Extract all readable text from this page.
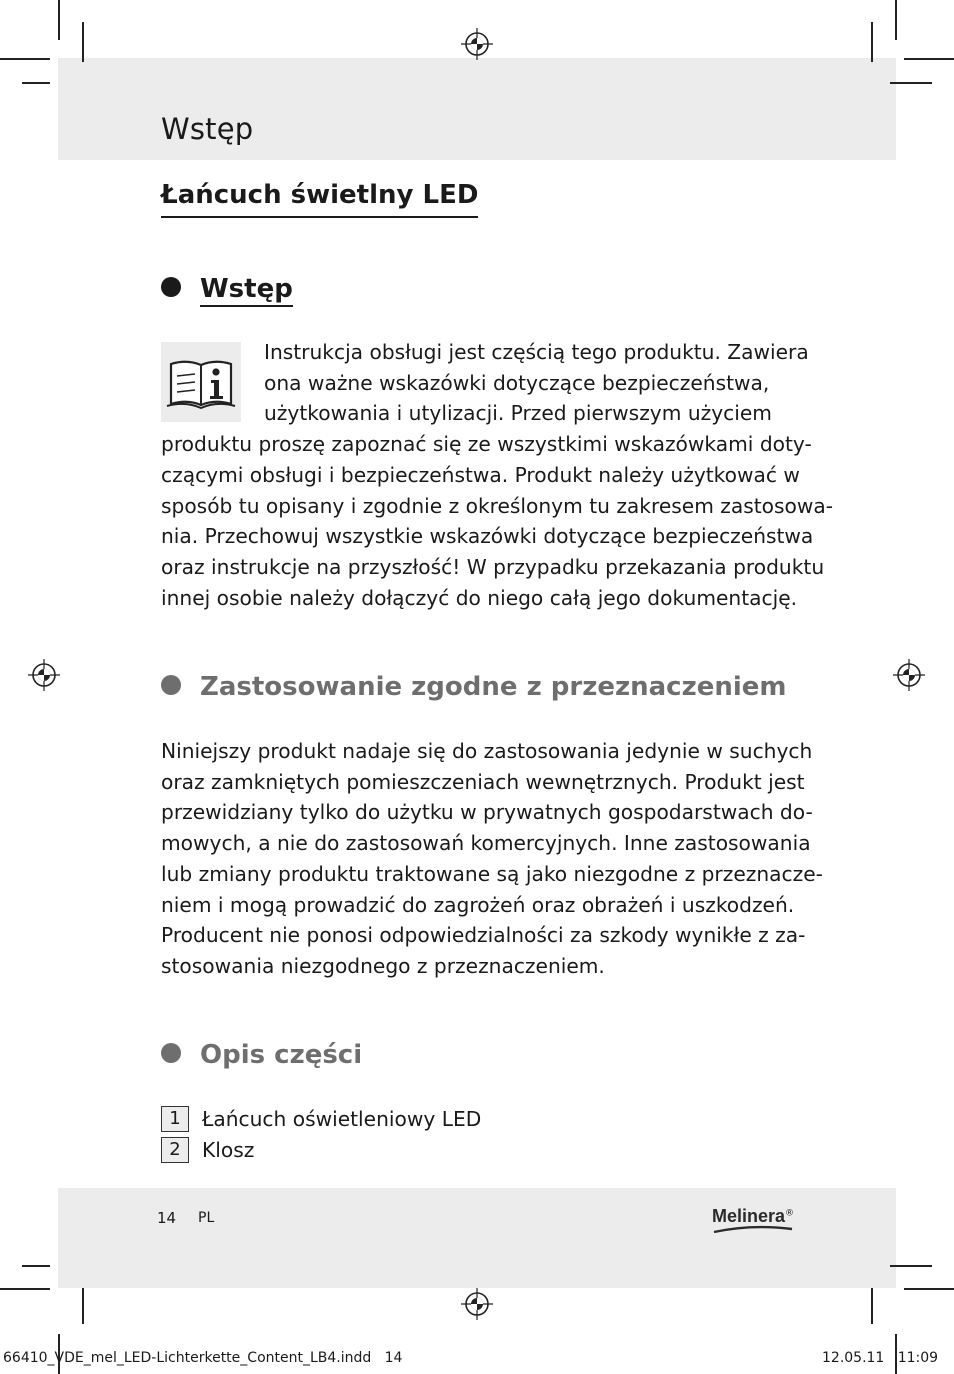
Wstęp
Łańcuch świetlny LED
Wstęp
Instrukcja obsługi jest częścią tego produktu. Zawiera
ona ważne wskazówki dotyczące bezpieczeństwa,
użytkowania i utylizacji. Przed pierwszym użyciem
produktu proszę zapoznać się ze wszystkimi wskazówkami doty-
czącymi obsługi i bezpieczeństwa. Produkt należy użytkować w
sposób tu opisany i zgodnie z określonym tu zakresem zastosowa-
nia. Przechowuj wszystkie wskazówki dotyczące bezpieczeństwa
oraz instrukcje na przyszłość! W przypadku przekazania produktu
innej osobie należy dołączyć do niego całą jego dokumentację.
Zastosowanie zgodne z przeznaczeniem
Niniejszy produkt nadaje się do zastosowania jedynie w suchych
oraz zamkniętych pomieszczeniach wewnętrznych. Produkt jest
przewidziany tylko do użytku w prywatnych gospodarstwach do-
mowych, a nie do zastosowań komercyjnych. Inne zastosowania
lub zmiany produktu traktowane są jako niezgodne z przeznacze-
niem i mogą prowadzić do zagrożeń oraz obrażeń i uszkodzeń.
Producent nie ponosi odpowiedzialności za szkody wynikłe z za-
stosowania niezgodnego z przeznaczeniem.
Opis części
1	Łańcuch oświetleniowy LED
2	Klosz
14 PL	Melinera®
66410_VDE_mel_LED-Lichterkette_Content_LB4.indd   14	12.05.11   11:09
